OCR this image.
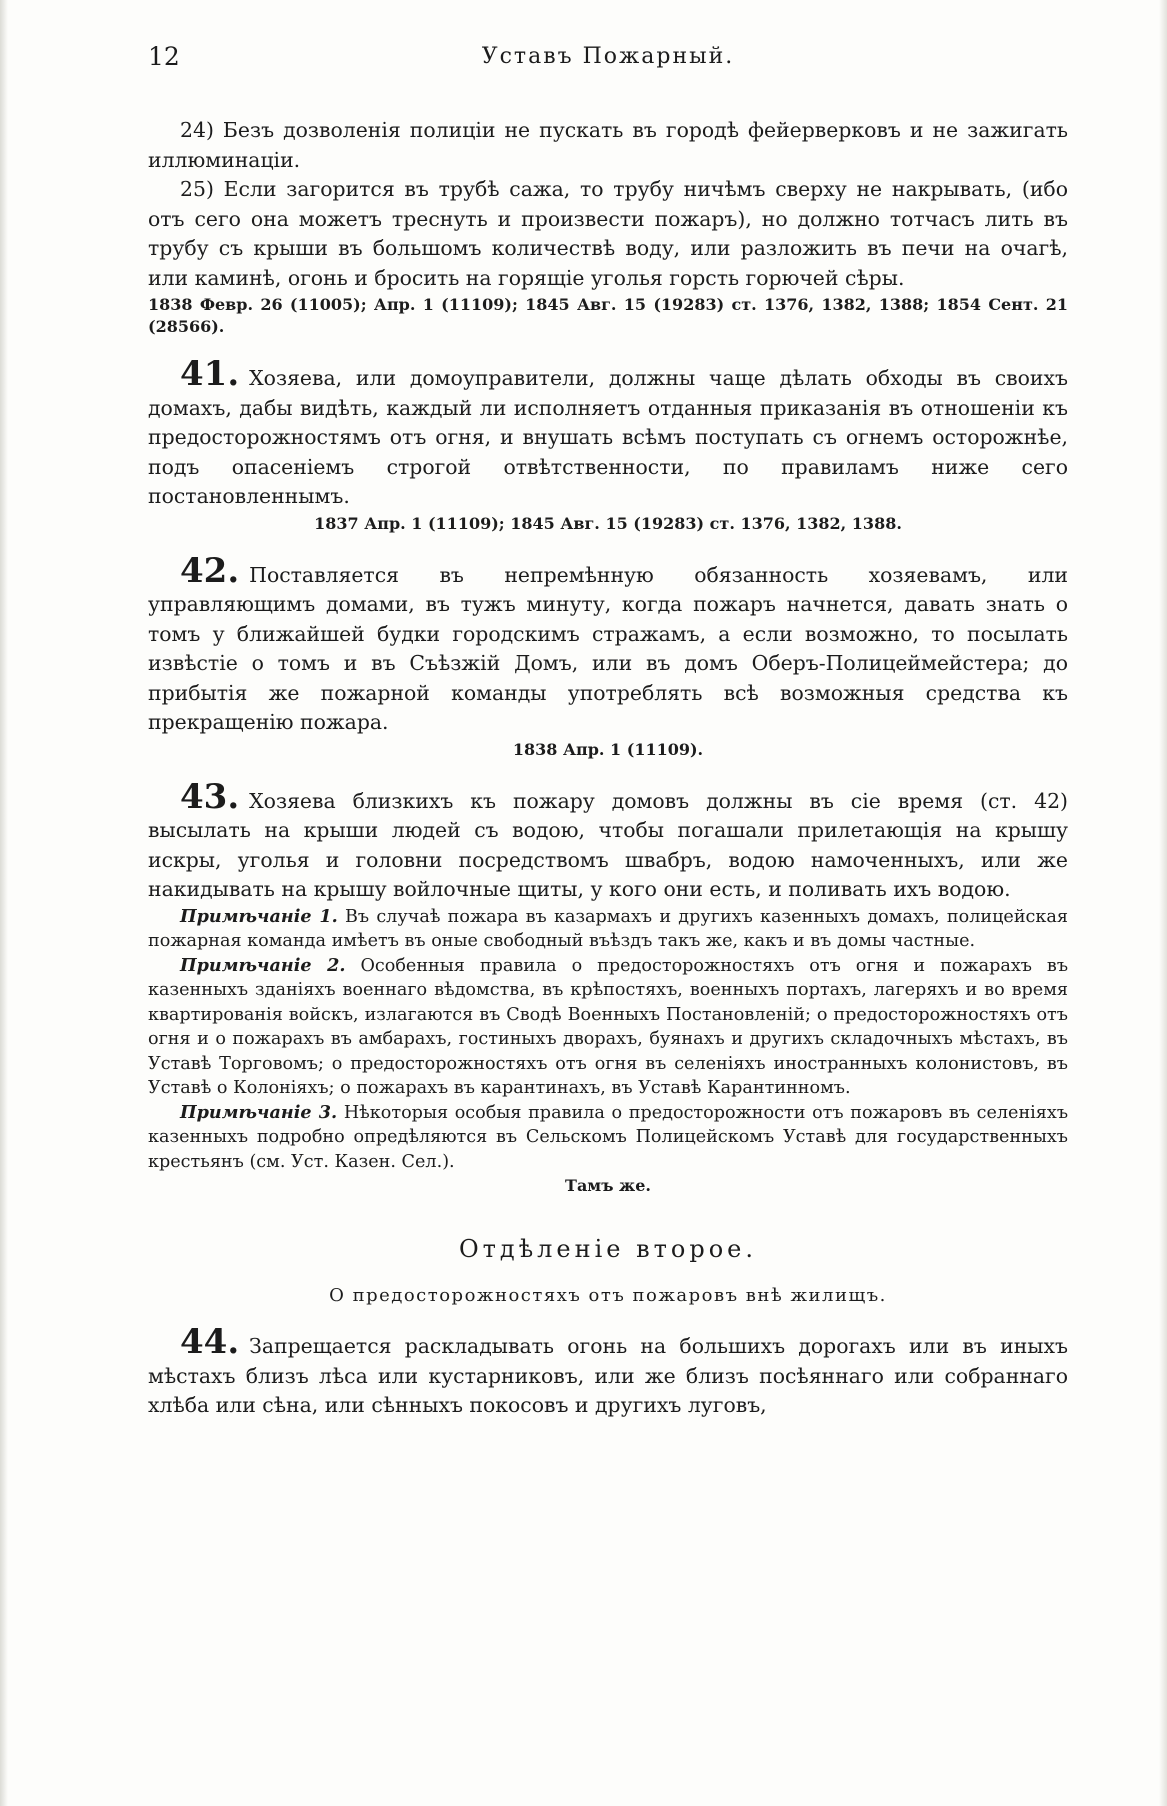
12	Уставъ Пожарный.

24) Безъ дозволенія полиціи не пускать въ городѣ фейерверковъ и не зажигать иллюминаціи.

25) Если загорится въ трубѣ сажа, то трубу ничѣмъ сверху не накрывать, (ибо отъ сего она можетъ треснуть и произвести пожаръ), но должно тотчасъ лить въ трубу съ крыши въ большомъ количествѣ воду, или разложить въ печи на очагѣ, или каминѣ, огонь и бросить на горящіе уголья горсть горючей сѣры.

1838 Февр. 26 (11005); Апр. 1 (11109); 1845 Авг. 15 (19283) ст. 1376, 1382, 1388; 1854 Сент. 21 (28566).

41. Хозяева, или домоуправители, должны чаще дѣлать обходы въ своихъ домахъ, дабы видѣть, каждый ли исполняетъ отданныя приказанія въ отношеніи къ предосторожностямъ отъ огня, и внушать всѣмъ поступать съ огнемъ осторожнѣе, подъ опасеніемъ строгой отвѣтственности, по правиламъ ниже сего постановленнымъ.

1837 Апр. 1 (11109); 1845 Авг. 15 (19283) ст. 1376, 1382, 1388.

42. Поставляется въ непремѣнную обязанность хозяевамъ, или управляющимъ домами, въ тужъ минуту, когда пожаръ начнется, давать знать о томъ у ближайшей будки городскимъ стражамъ, а если возможно, то посылать извѣстіе о томъ и въ Съѣзжій Домъ, или въ домъ Оберъ-Полицеймейстера; до прибытія же пожарной команды употреблять всѣ возможныя средства къ прекращенію пожара.

1838 Апр. 1 (11109).

43. Хозяева близкихъ къ пожару домовъ должны въ сіе время (ст. 42) высылать на крыши людей съ водою, чтобы погашали прилетающія на крышу искры, уголья и головни посредствомъ швабръ, водою намоченныхъ, или же накидывать на крышу войлочные щиты, у кого они есть, и поливать ихъ водою.

Примѣчаніе 1. Въ случаѣ пожара въ казармахъ и другихъ казенныхъ домахъ, полицейская пожарная команда имѣетъ въ оные свободный въѣздъ такъ же, какъ и въ домы частные.

Примѣчаніе 2. Особенныя правила о предосторожностяхъ отъ огня и пожарахъ въ казенныхъ зданіяхъ военнаго вѣдомства, въ крѣпостяхъ, военныхъ портахъ, лагеряхъ и во время квартированія войскъ, излагаются въ Сводѣ Военныхъ Постановленій; о предосторожностяхъ отъ огня и о пожарахъ въ амбарахъ, гостиныхъ дворахъ, буянахъ и другихъ складочныхъ мѣстахъ, въ Уставѣ Торговомъ; о предосторожностяхъ отъ огня въ селеніяхъ иностранныхъ колонистовъ, въ Уставѣ о Колоніяхъ; о пожарахъ въ карантинахъ, въ Уставѣ Карантинномъ.

Примѣчаніе 3. Нѣкоторыя особыя правила о предосторожности отъ пожаровъ въ селеніяхъ казенныхъ подробно опредѣляются въ Сельскомъ Полицейскомъ Уставѣ для государственныхъ крестьянъ (см. Уст. Казен. Сел.).

Тамъ же.

Отдѣленіе второе.
О предосторожностяхъ отъ пожаровъ внѣ жилищъ.

44. Запрещается раскладывать огонь на большихъ дорогахъ или въ иныхъ мѣстахъ близъ лѣса или кустарниковъ, или же близъ посѣяннаго или собраннаго хлѣба или сѣна, или сѣнныхъ покосовъ и другихъ луговъ,
